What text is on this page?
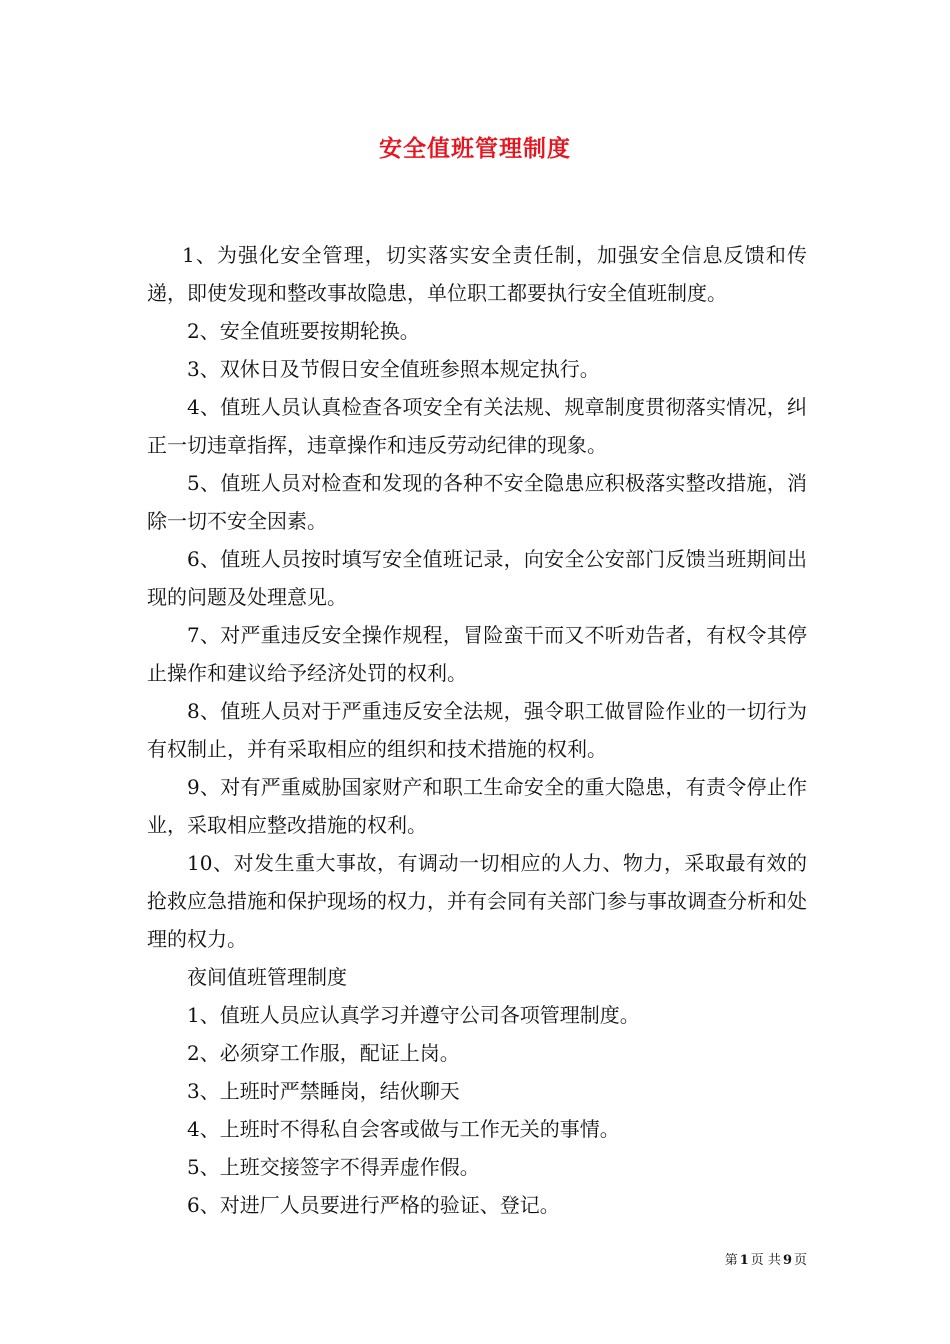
安全值班管理制度

1、为强化安全管理，切实落实安全责任制，加强安全信息反馈和传递，即使发现和整改事故隐患，单位职工都要执行安全值班制度。

2、安全值班要按期轮换。

3、双休日及节假日安全值班参照本规定执行。

4、值班人员认真检查各项安全有关法规、规章制度贯彻落实情况，纠正一切违章指挥，违章操作和违反劳动纪律的现象。

5、值班人员对检查和发现的各种不安全隐患应积极落实整改措施，消除一切不安全因素。

6、值班人员按时填写安全值班记录，向安全公安部门反馈当班期间出现的问题及处理意见。

7、对严重违反安全操作规程，冒险蛮干而又不听劝告者，有权令其停止操作和建议给予经济处罚的权利。

8、值班人员对于严重违反安全法规，强令职工做冒险作业的一切行为有权制止，并有采取相应的组织和技术措施的权利。

9、对有严重威胁国家财产和职工生命安全的重大隐患，有责令停止作业，采取相应整改措施的权利。

10、对发生重大事故，有调动一切相应的人力、物力，采取最有效的抢救应急措施和保护现场的权力，并有会同有关部门参与事故调查分析和处理的权力。

夜间值班管理制度

1、值班人员应认真学习并遵守公司各项管理制度。

2、必须穿工作服，配证上岗。

3、上班时严禁睡岗，结伙聊天

4、上班时不得私自会客或做与工作无关的事情。

5、上班交接签字不得弄虚作假。

6、对进厂人员要进行严格的验证、登记。

第 1 页 共 9 页
